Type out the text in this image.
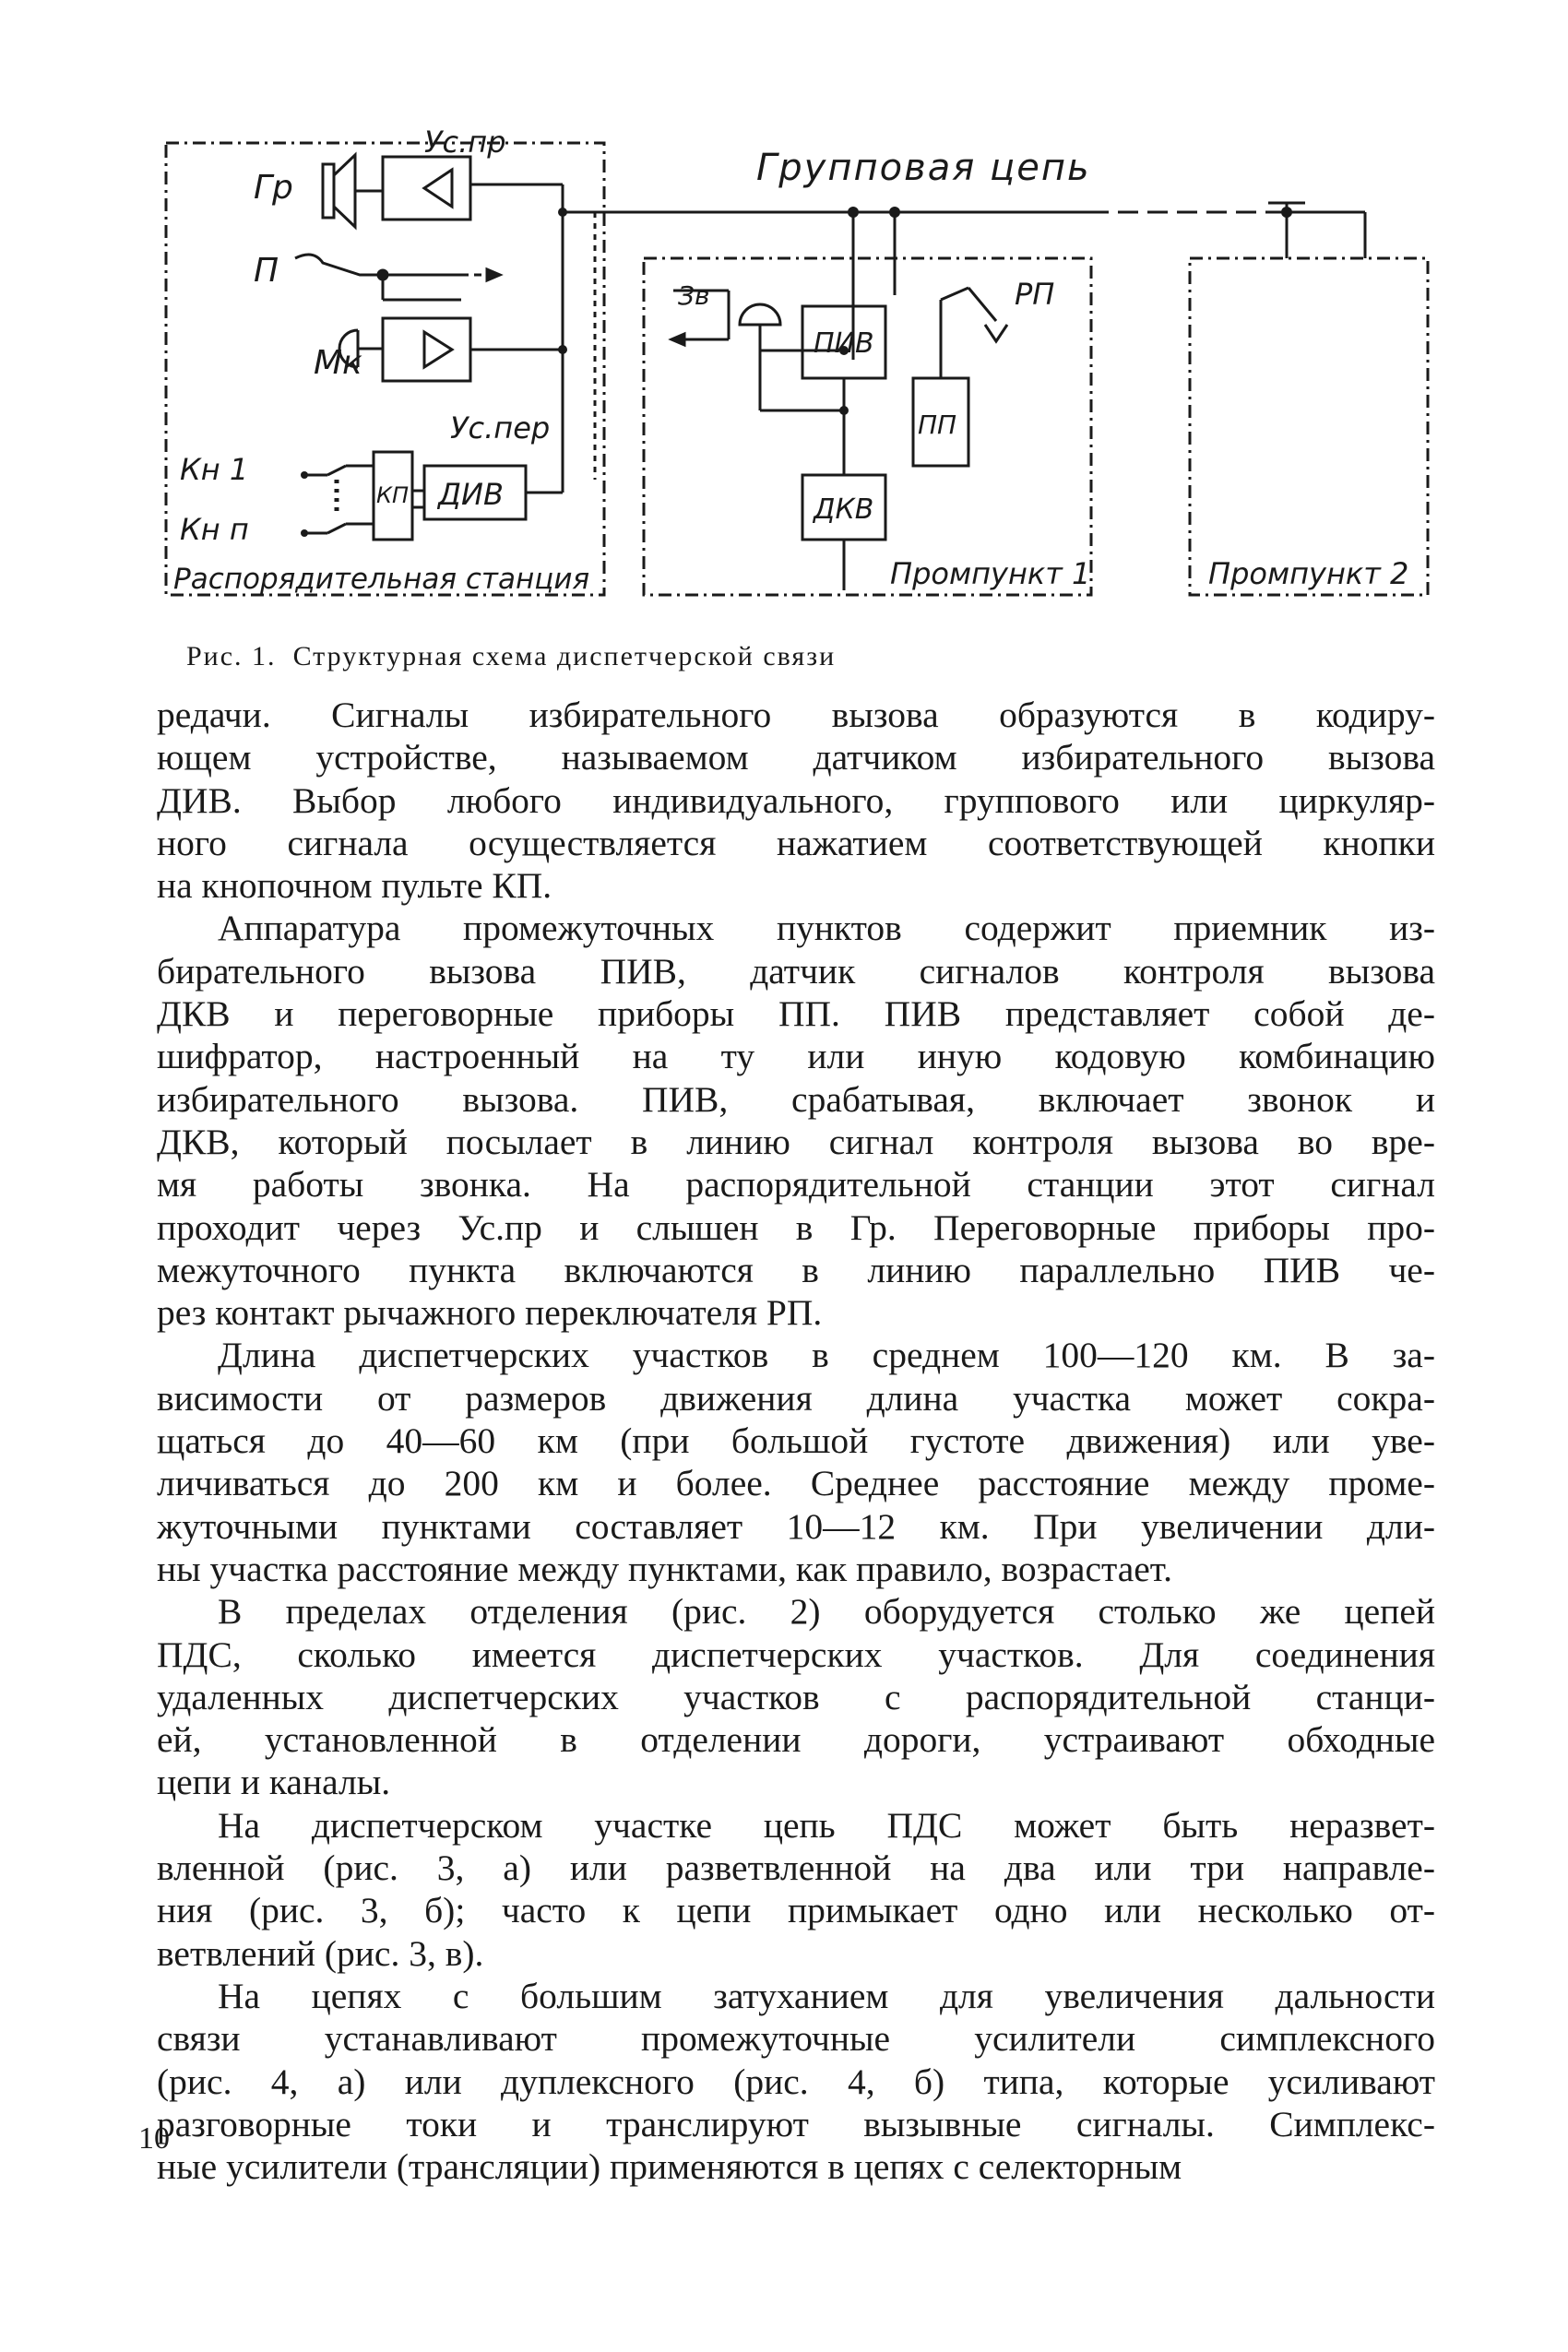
Гр
П
Мк
Ус.пр
Ус.пер
Кн 1
Кн п
КП ДИВ
Распорядительная станция
Групповая цепь
Зв
ПИВ
РП
ПП
ДКВ
Промпункт 1	Промпункт 2
Рис. 1. Структурная схема диспетчерской связи

редачи. Сигналы избирательного вызова образуются в кодиру-
ющем устройстве, называемом датчиком избирательного вызова
ДИВ. Выбор любого индивидуального, группового или циркуляр-
ного сигнала осуществляется нажатием соответствующей кнопки
на кнопочном пульте КП.

Аппаратура промежуточных пунктов содержит приемник из-
бирательного вызова ПИВ, датчик сигналов контроля вызова
ДКВ и переговорные приборы ПП. ПИВ представляет собой де-
шифратор, настроенный на ту или иную кодовую комбинацию
избирательного вызова. ПИВ, срабатывая, включает звонок и
ДКВ, который посылает в линию сигнал контроля вызова во вре-
мя работы звонка. На распорядительной станции этот сигнал
проходит через Ус.пр и слышен в Гр. Переговорные приборы про-
межуточного пункта включаются в линию параллельно ПИВ че-
рез контакт рычажного переключателя РП.

Длина диспетчерских участков в среднем 100—120 км. В за-
висимости от размеров движения длина участка может сокра-
щаться до 40—60 км (при большой густоте движения) или уве-
личиваться до 200 км и более. Среднее расстояние между проме-
жуточными пунктами составляет 10—12 км. При увеличении дли-
ны участка расстояние между пунктами, как правило, возрастает.

В пределах отделения (рис. 2) оборудуется столько же цепей
ПДС, сколько имеется диспетчерских участков. Для соединения
удаленных диспетчерских участков с распорядительной станци-
ей, установленной в отделении дороги, устраивают обходные
цепи и каналы.

На диспетчерском участке цепь ПДС может быть неразвет-
вленной (рис. 3, а) или разветвленной на два или три направле-
ния (рис. 3, б); часто к цепи примыкает одно или несколько от-
ветвлений (рис. 3, в).

На цепях с большим затуханием для увеличения дальности
связи устанавливают промежуточные усилители симплексного
(рис. 4, а) или дуплексного (рис. 4, б) типа, которые усиливают
разговорные токи и транслируют вызывные сигналы. Симплекс-
ные усилители (трансляции) применяются в цепях с селекторным

10
